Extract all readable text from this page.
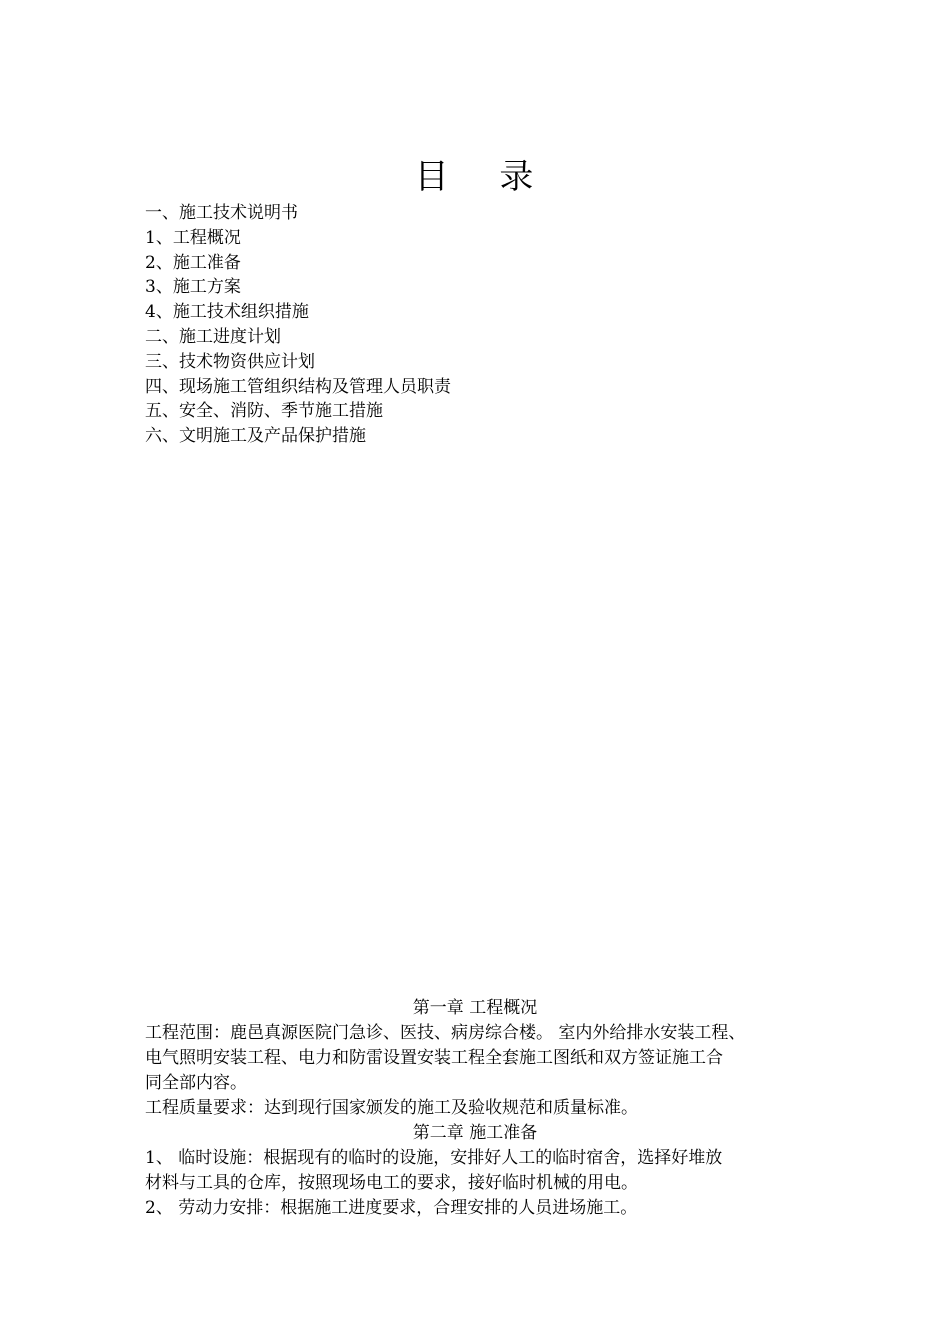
目 录
一、施工技术说明书
1、工程概况
2、施工准备
3、施工方案
4、施工技术组织措施
二、施工进度计划
三、技术物资供应计划
四、现场施工管组织结构及管理人员职责
五、安全、消防、季节施工措施
六、文明施工及产品保护措施
第一章 工程概况

工程范围：鹿邑真源医院门急诊、医技、病房综合楼。 室内外给排水安装工程、
电气照明安装工程、电力和防雷设置安装工程全套施工图纸和双方签证施工合
同全部内容。

工程质量要求：达到现行国家颁发的施工及验收规范和质量标准。

第二章 施工准备

1、 临时设施：根据现有的临时的设施，安排好人工的临时宿舍，选择好堆放
材料与工具的仓库，按照现场电工的要求，接好临时机械的用电。

2、 劳动力安排：根据施工进度要求，合理安排的人员进场施工。
